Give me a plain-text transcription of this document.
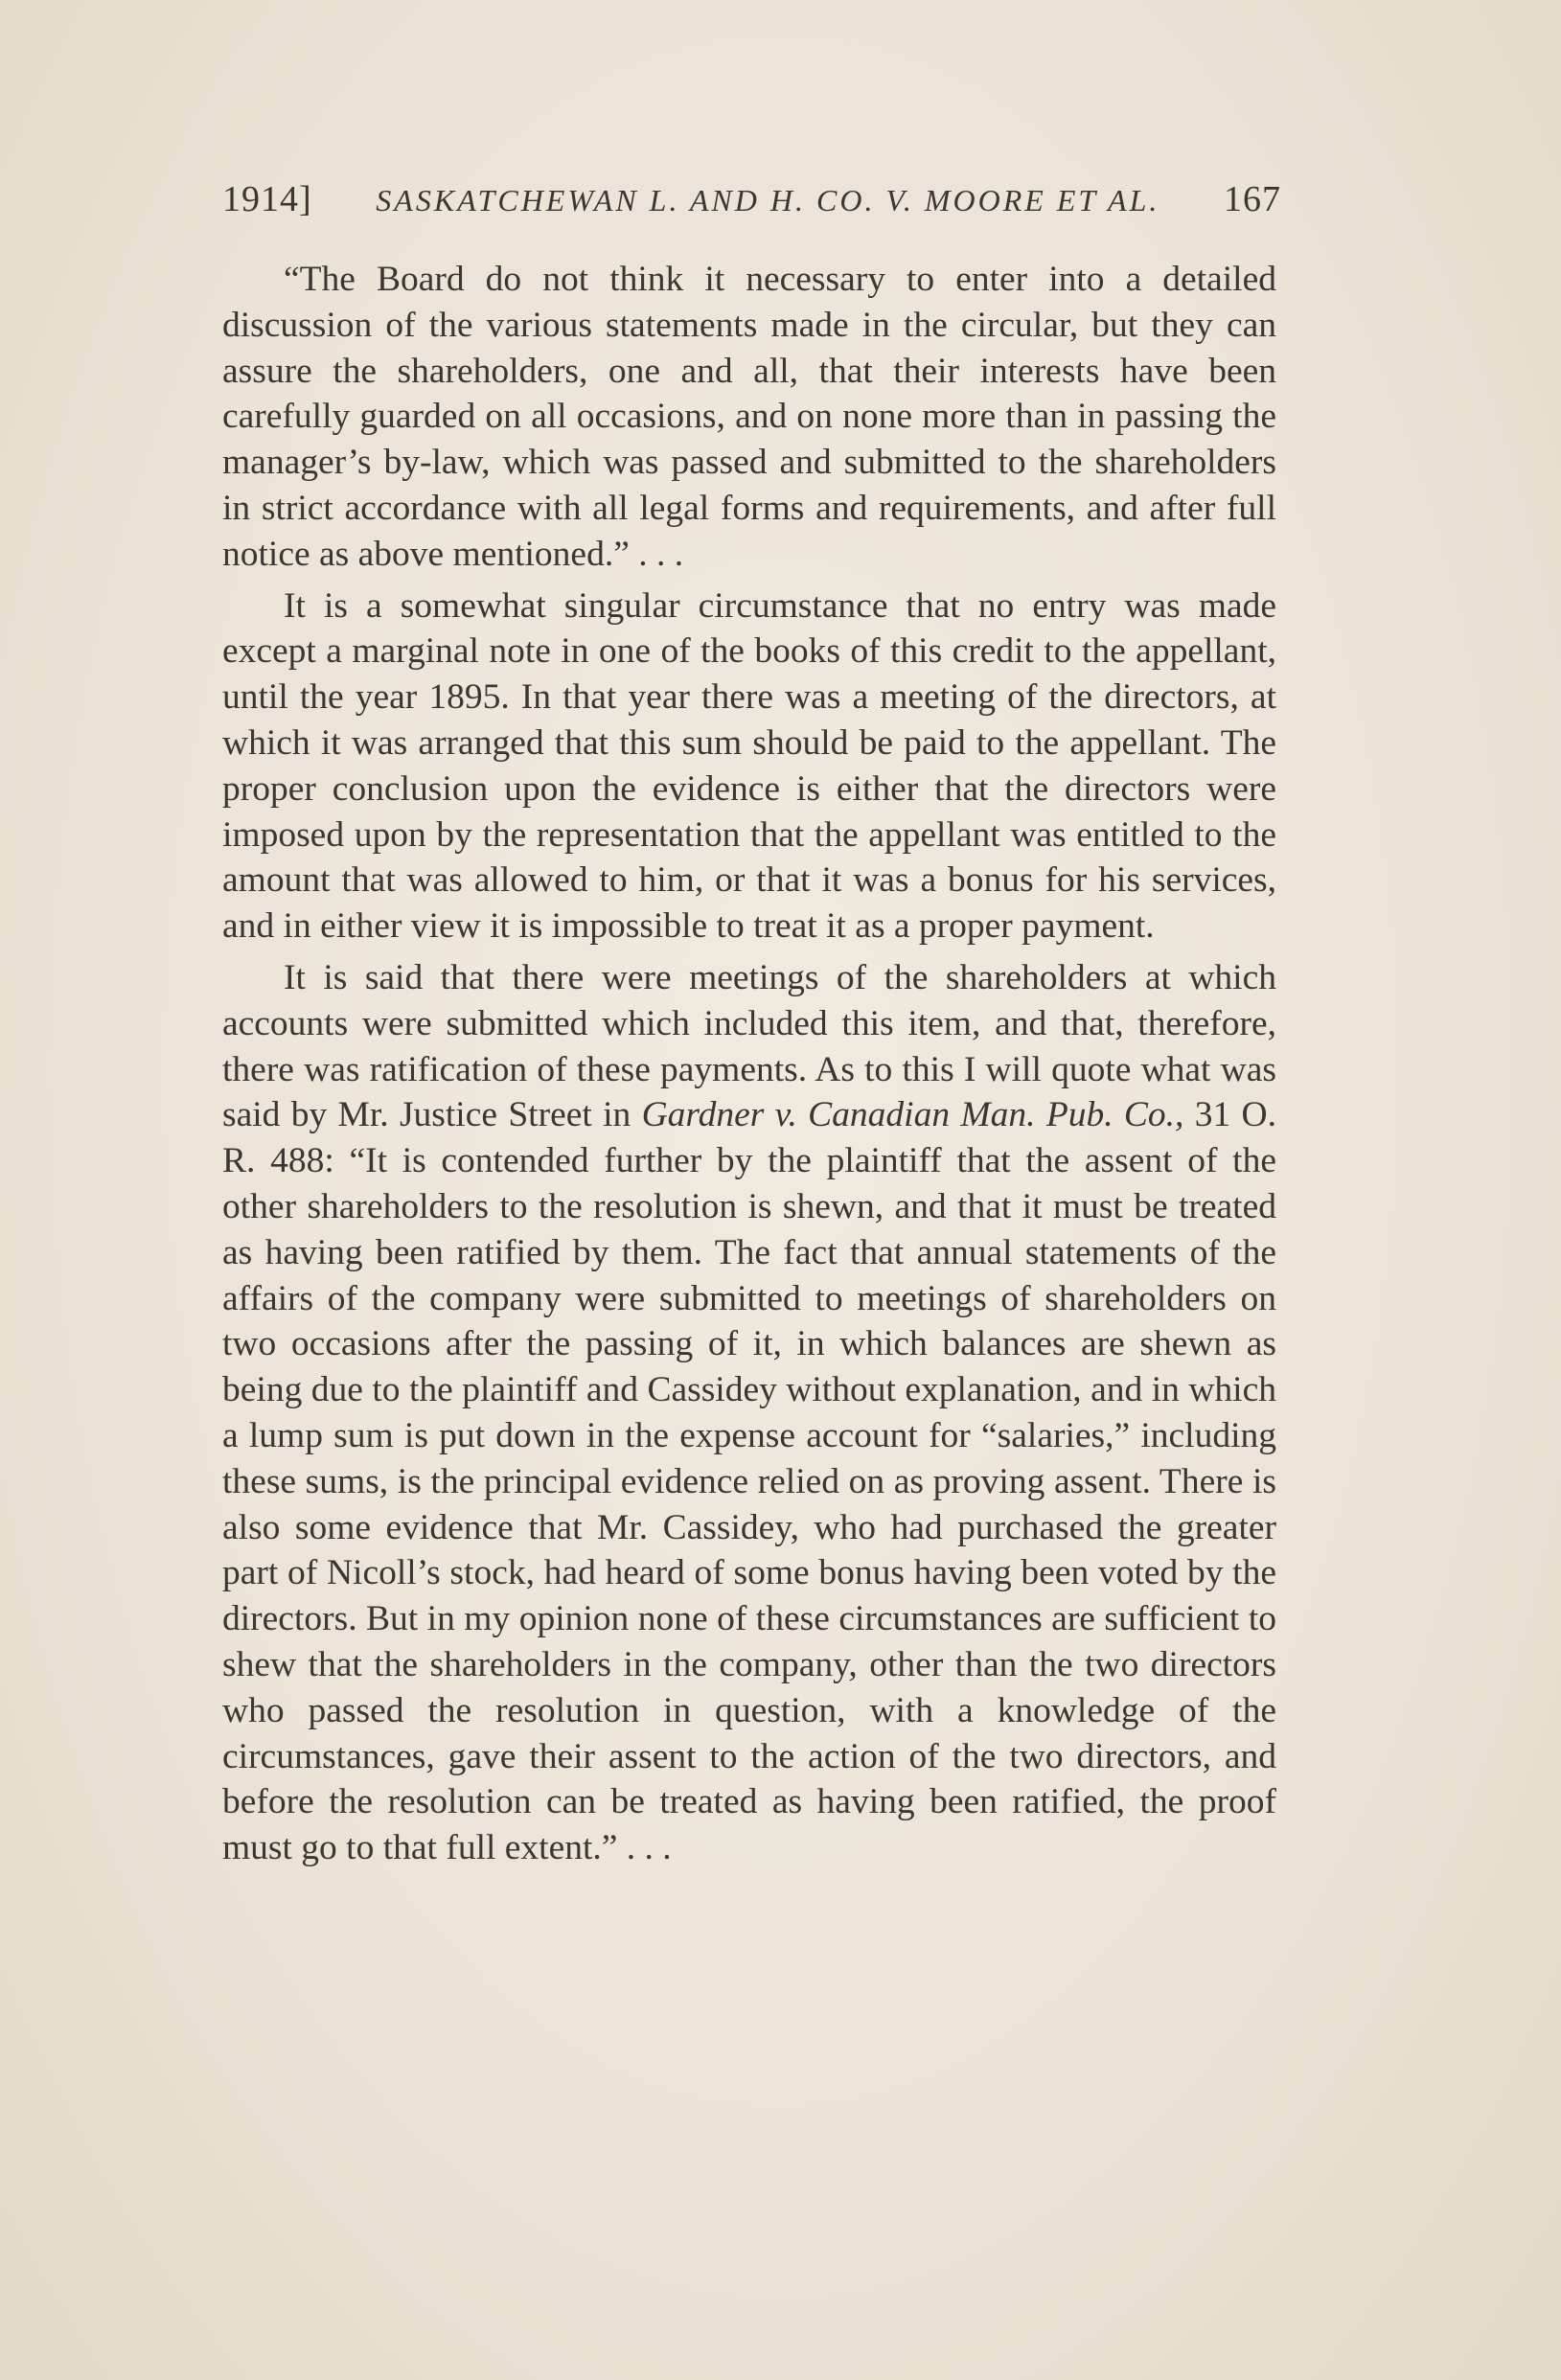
1914] SASKATCHEWAN L. AND H. CO. V. MOORE ET AL. 167

“The Board do not think it necessary to enter into a detailed discussion of the various statements made in the circular, but they can assure the shareholders, one and all, that their interests have been carefully guarded on all occasions, and on none more than in passing the manager’s by-law, which was passed and submitted to the shareholders in strict accordance with all legal forms and requirements, and after full notice as above mentioned.” . . .

It is a somewhat singular circumstance that no entry was made except a marginal note in one of the books of this credit to the appellant, until the year 1895. In that year there was a meeting of the directors, at which it was arranged that this sum should be paid to the appellant. The proper conclusion upon the evidence is either that the directors were imposed upon by the representation that the appellant was entitled to the amount that was allowed to him, or that it was a bonus for his services, and in either view it is impossible to treat it as a proper payment.

It is said that there were meetings of the shareholders at which accounts were submitted which included this item, and that, therefore, there was ratification of these payments. As to this I will quote what was said by Mr. Justice Street in Gardner v. Canadian Man. Pub. Co., 31 O. R. 488: “It is contended further by the plaintiff that the assent of the other shareholders to the resolution is shewn, and that it must be treated as having been ratified by them. The fact that annual statements of the affairs of the company were submitted to meetings of shareholders on two occasions after the passing of it, in which balances are shewn as being due to the plaintiff and Cassidey without explanation, and in which a lump sum is put down in the expense account for “salaries,” including these sums, is the principal evidence relied on as proving assent. There is also some evidence that Mr. Cassidey, who had purchased the greater part of Nicoll’s stock, had heard of some bonus having been voted by the directors. But in my opinion none of these circumstances are sufficient to shew that the shareholders in the company, other than the two directors who passed the resolution in question, with a knowledge of the circumstances, gave their assent to the action of the two directors, and before the resolution can be treated as having been ratified, the proof must go to that full extent.” . . .
